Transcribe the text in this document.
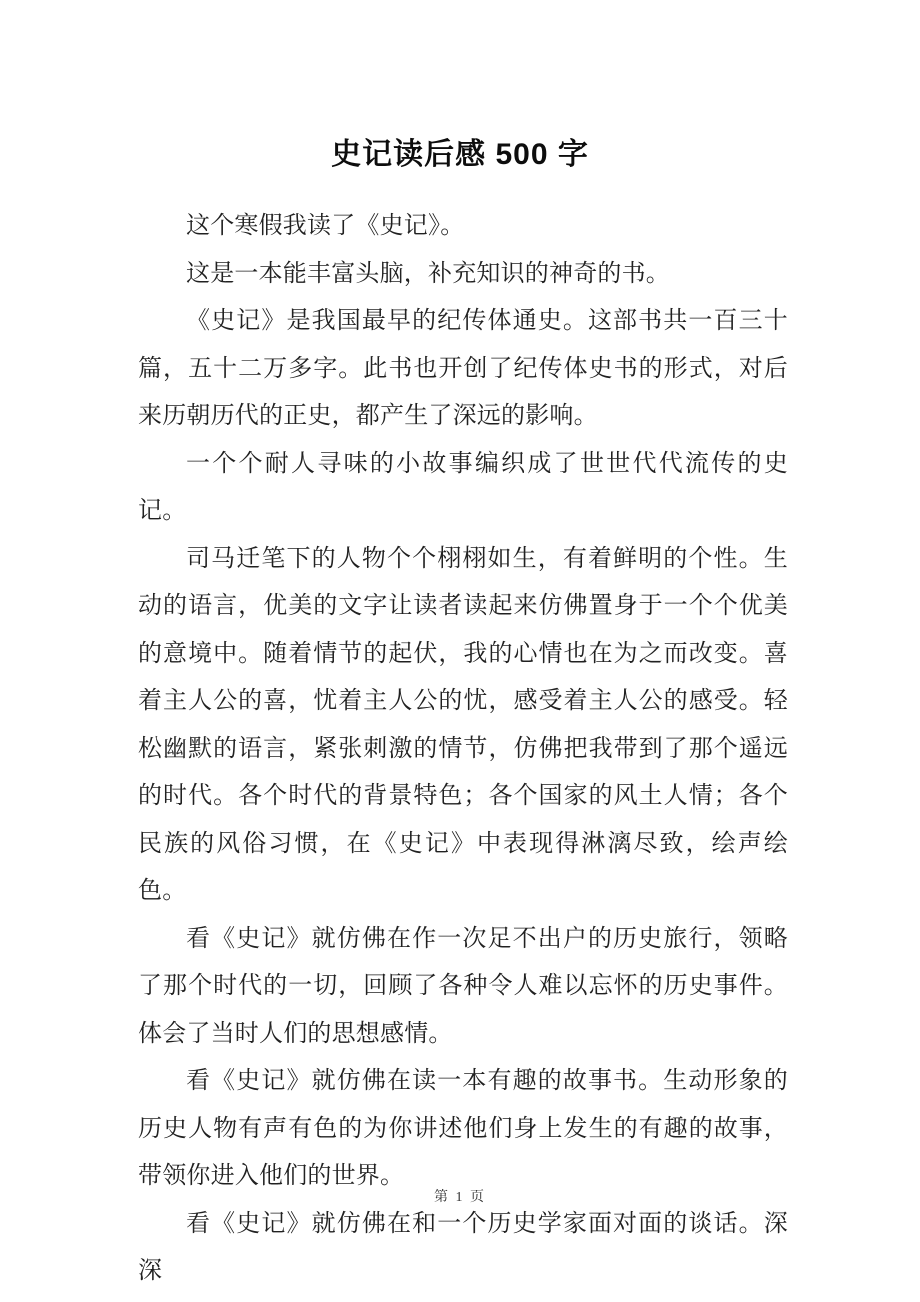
史记读后感 500 字

这个寒假我读了《史记》。

这是一本能丰富头脑，补充知识的神奇的书。

《史记》是我国最早的纪传体通史。这部书共一百三十篇，五十二万多字。此书也开创了纪传体史书的形式，对后来历朝历代的正史，都产生了深远的影响。

一个个耐人寻味的小故事编织成了世世代代流传的史记。

司马迁笔下的人物个个栩栩如生，有着鲜明的个性。生动的语言，优美的文字让读者读起来仿佛置身于一个个优美的意境中。随着情节的起伏，我的心情也在为之而改变。喜着主人公的喜，忧着主人公的忧，感受着主人公的感受。轻松幽默的语言，紧张刺激的情节，仿佛把我带到了那个遥远的时代。各个时代的背景特色；各个国家的风土人情；各个民族的风俗习惯，在《史记》中表现得淋漓尽致，绘声绘色。

看《史记》就仿佛在作一次足不出户的历史旅行，领略了那个时代的一切，回顾了各种令人难以忘怀的历史事件。体会了当时人们的思想感情。

看《史记》就仿佛在读一本有趣的故事书。生动形象的历史人物有声有色的为你讲述他们身上发生的有趣的故事，带领你进入他们的世界。

看《史记》就仿佛在和一个历史学家面对面的谈话。深深

第 1 页
